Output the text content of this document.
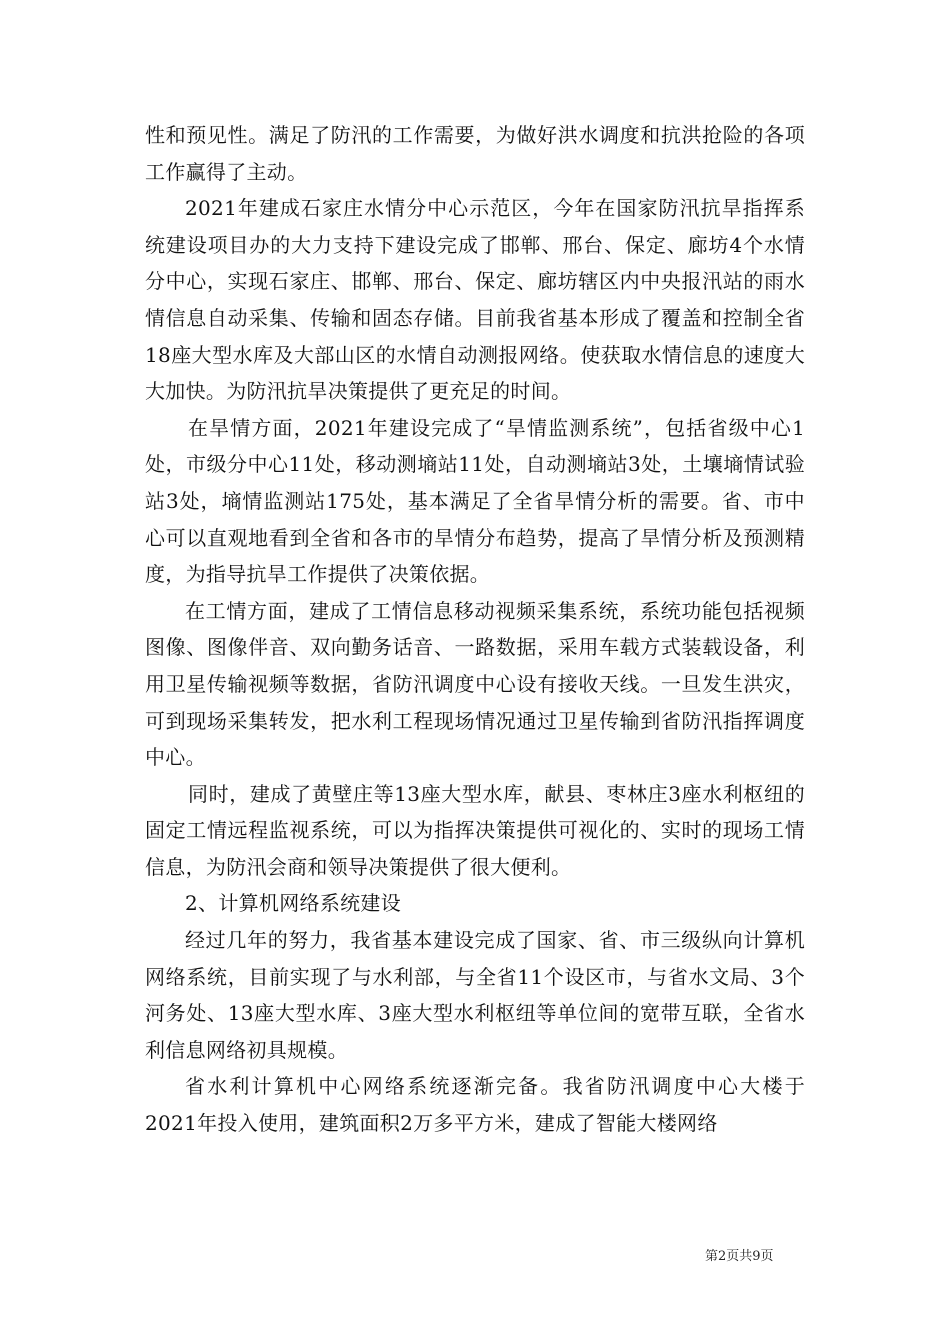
性和预见性。满足了防汛的工作需要，为做好洪水调度和抗洪抢险的各项工作赢得了主动。

2021年建成石家庄水情分中心示范区，今年在国家防汛抗旱指挥系统建设项目办的大力支持下建设完成了邯郸、邢台、保定、廊坊4个水情分中心，实现石家庄、邯郸、邢台、保定、廊坊辖区内中央报汛站的雨水情信息自动采集、传输和固态存储。目前我省基本形成了覆盖和控制全省18座大型水库及大部山区的水情自动测报网络。使获取水情信息的速度大大加快。为防汛抗旱决策提供了更充足的时间。

在旱情方面，2021年建设完成了“旱情监测系统”，包括省级中心1处，市级分中心11处，移动测墒站11处，自动测墒站3处，土壤墒情试验站3处，墒情监测站175处，基本满足了全省旱情分析的需要。省、市中心可以直观地看到全省和各市的旱情分布趋势，提高了旱情分析及预测精度，为指导抗旱工作提供了决策依据。

在工情方面，建成了工情信息移动视频采集系统，系统功能包括视频图像、图像伴音、双向勤务话音、一路数据，采用车载方式装载设备，利用卫星传输视频等数据，省防汛调度中心设有接收天线。一旦发生洪灾，可到现场采集转发，把水利工程现场情况通过卫星传输到省防汛指挥调度中心。

同时，建成了黄壁庄等13座大型水库，献县、枣林庄3座水利枢纽的固定工情远程监视系统，可以为指挥决策提供可视化的、实时的现场工情信息，为防汛会商和领导决策提供了很大便利。

2、计算机网络系统建设

经过几年的努力，我省基本建设完成了国家、省、市三级纵向计算机网络系统，目前实现了与水利部，与全省11个设区市，与省水文局、3个河务处、13座大型水库、3座大型水利枢纽等单位间的宽带互联，全省水利信息网络初具规模。

省水利计算机中心网络系统逐渐完备。我省防汛调度中心大楼于2021年投入使用，建筑面积2万多平方米，建成了智能大楼网络

第2页共9页
